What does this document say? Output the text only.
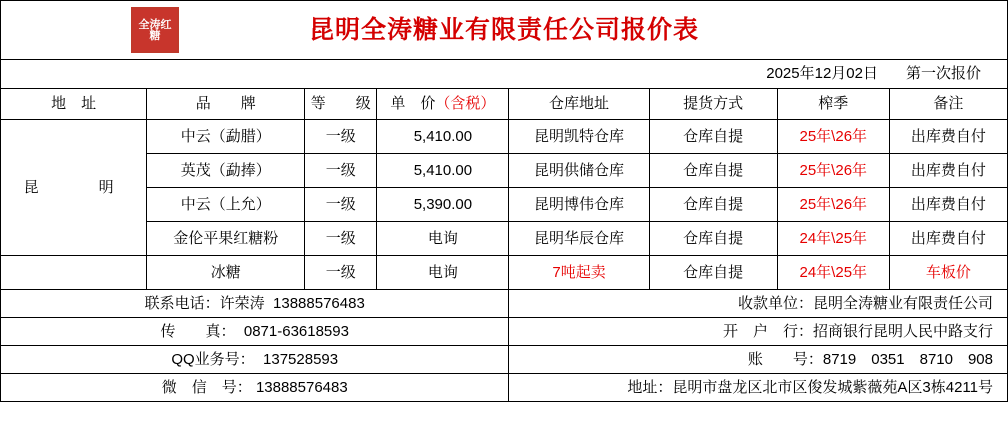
全涛红糖 昆明全涛糖业有限责任公司报价表							

2025年12月02日 第一次报价							

地　址	品　　牌	等　　级	单　价（含税）	仓库地址	提货方式	榨季	备注
昆　　明	中云（勐腊）	一级	5,410.00	昆明凯特仓库	仓库自提	25年\26年	出库费自付
	英茂（勐捧）	一级	5,410.00	昆明供储仓库	仓库自提	25年\26年	出库费自付
	中云（上允）	一级	5,390.00	昆明博伟仓库	仓库自提	25年\26年	出库费自付
	金伦平果红糖粉	一级	电询	昆明华辰仓库	仓库自提	24年\25年	出库费自付
	冰糖	一级	电询	7吨起卖	仓库自提	24年\25年	车板价
联系电话：许荣涛 13888576483				收款单位：昆明全涛糖业有限责任公司			
传　　真： 0871-63618593				开　户　行：招商银行昆明人民中路支行			
QQ业务号： 137528593				账　　号：8719　0351　8710　908			
微　信　号： 13888576483				地址：昆明市盘龙区北市区俊发城紫薇苑A区3栋4211号			
